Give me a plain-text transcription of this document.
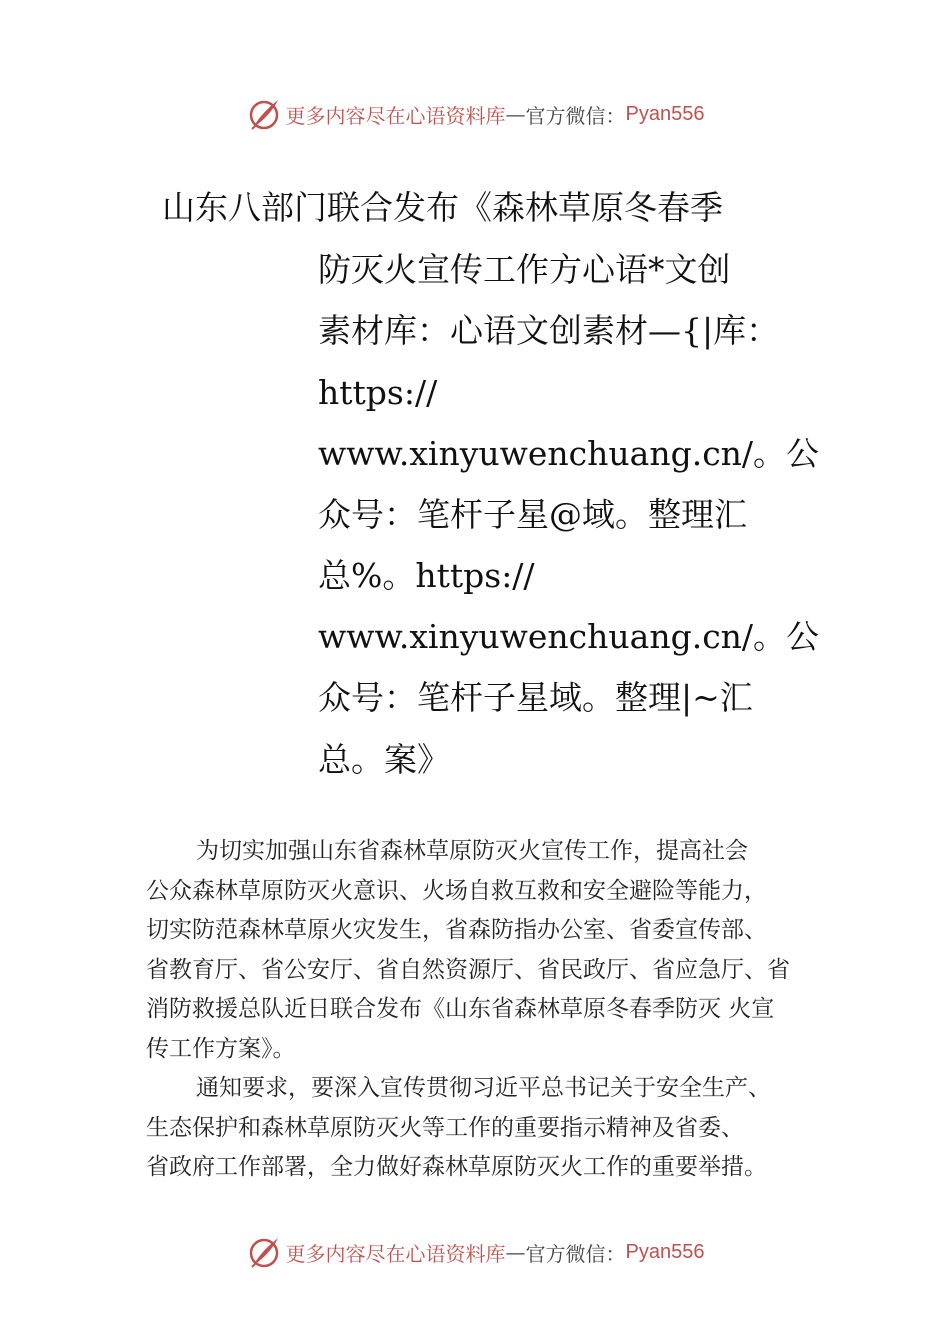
更多内容尽在心语资料库 — 官方微信： Pyan556
山东八部门联合发布《森林草原冬春季
防灭火宣传工作方心语*文创
素材库：心语文创素材—{|库：
https://
www.xinyuwenchuang.cn/。公
众号：笔杆子星@域。整理汇
总%。https://
www.xinyuwenchuang.cn/。公
众号：笔杆子星域。整理|~汇
总。案》
为切实加强山东省森林草原防灭火宣传工作，提高社会
公众森林草原防灭火意识、火场自救互救和安全避险等能力，
切实防范森林草原火灾发生，省森防指办公室、省委宣传部、
省教育厅、省公安厅、省自然资源厅、省民政厅、省应急厅、省
消防救援总队近日联合发布《山东省森林草原冬春季防灭 火宣
传工作方案》。
通知要求，要深入宣传贯彻习近平总书记关于安全生产、
生态保护和森林草原防灭火等工作的重要指示精神及省委、
省政府工作部署，全力做好森林草原防灭火工作的重要举措。
更多内容尽在心语资料库 — 官方微信： Pyan556
